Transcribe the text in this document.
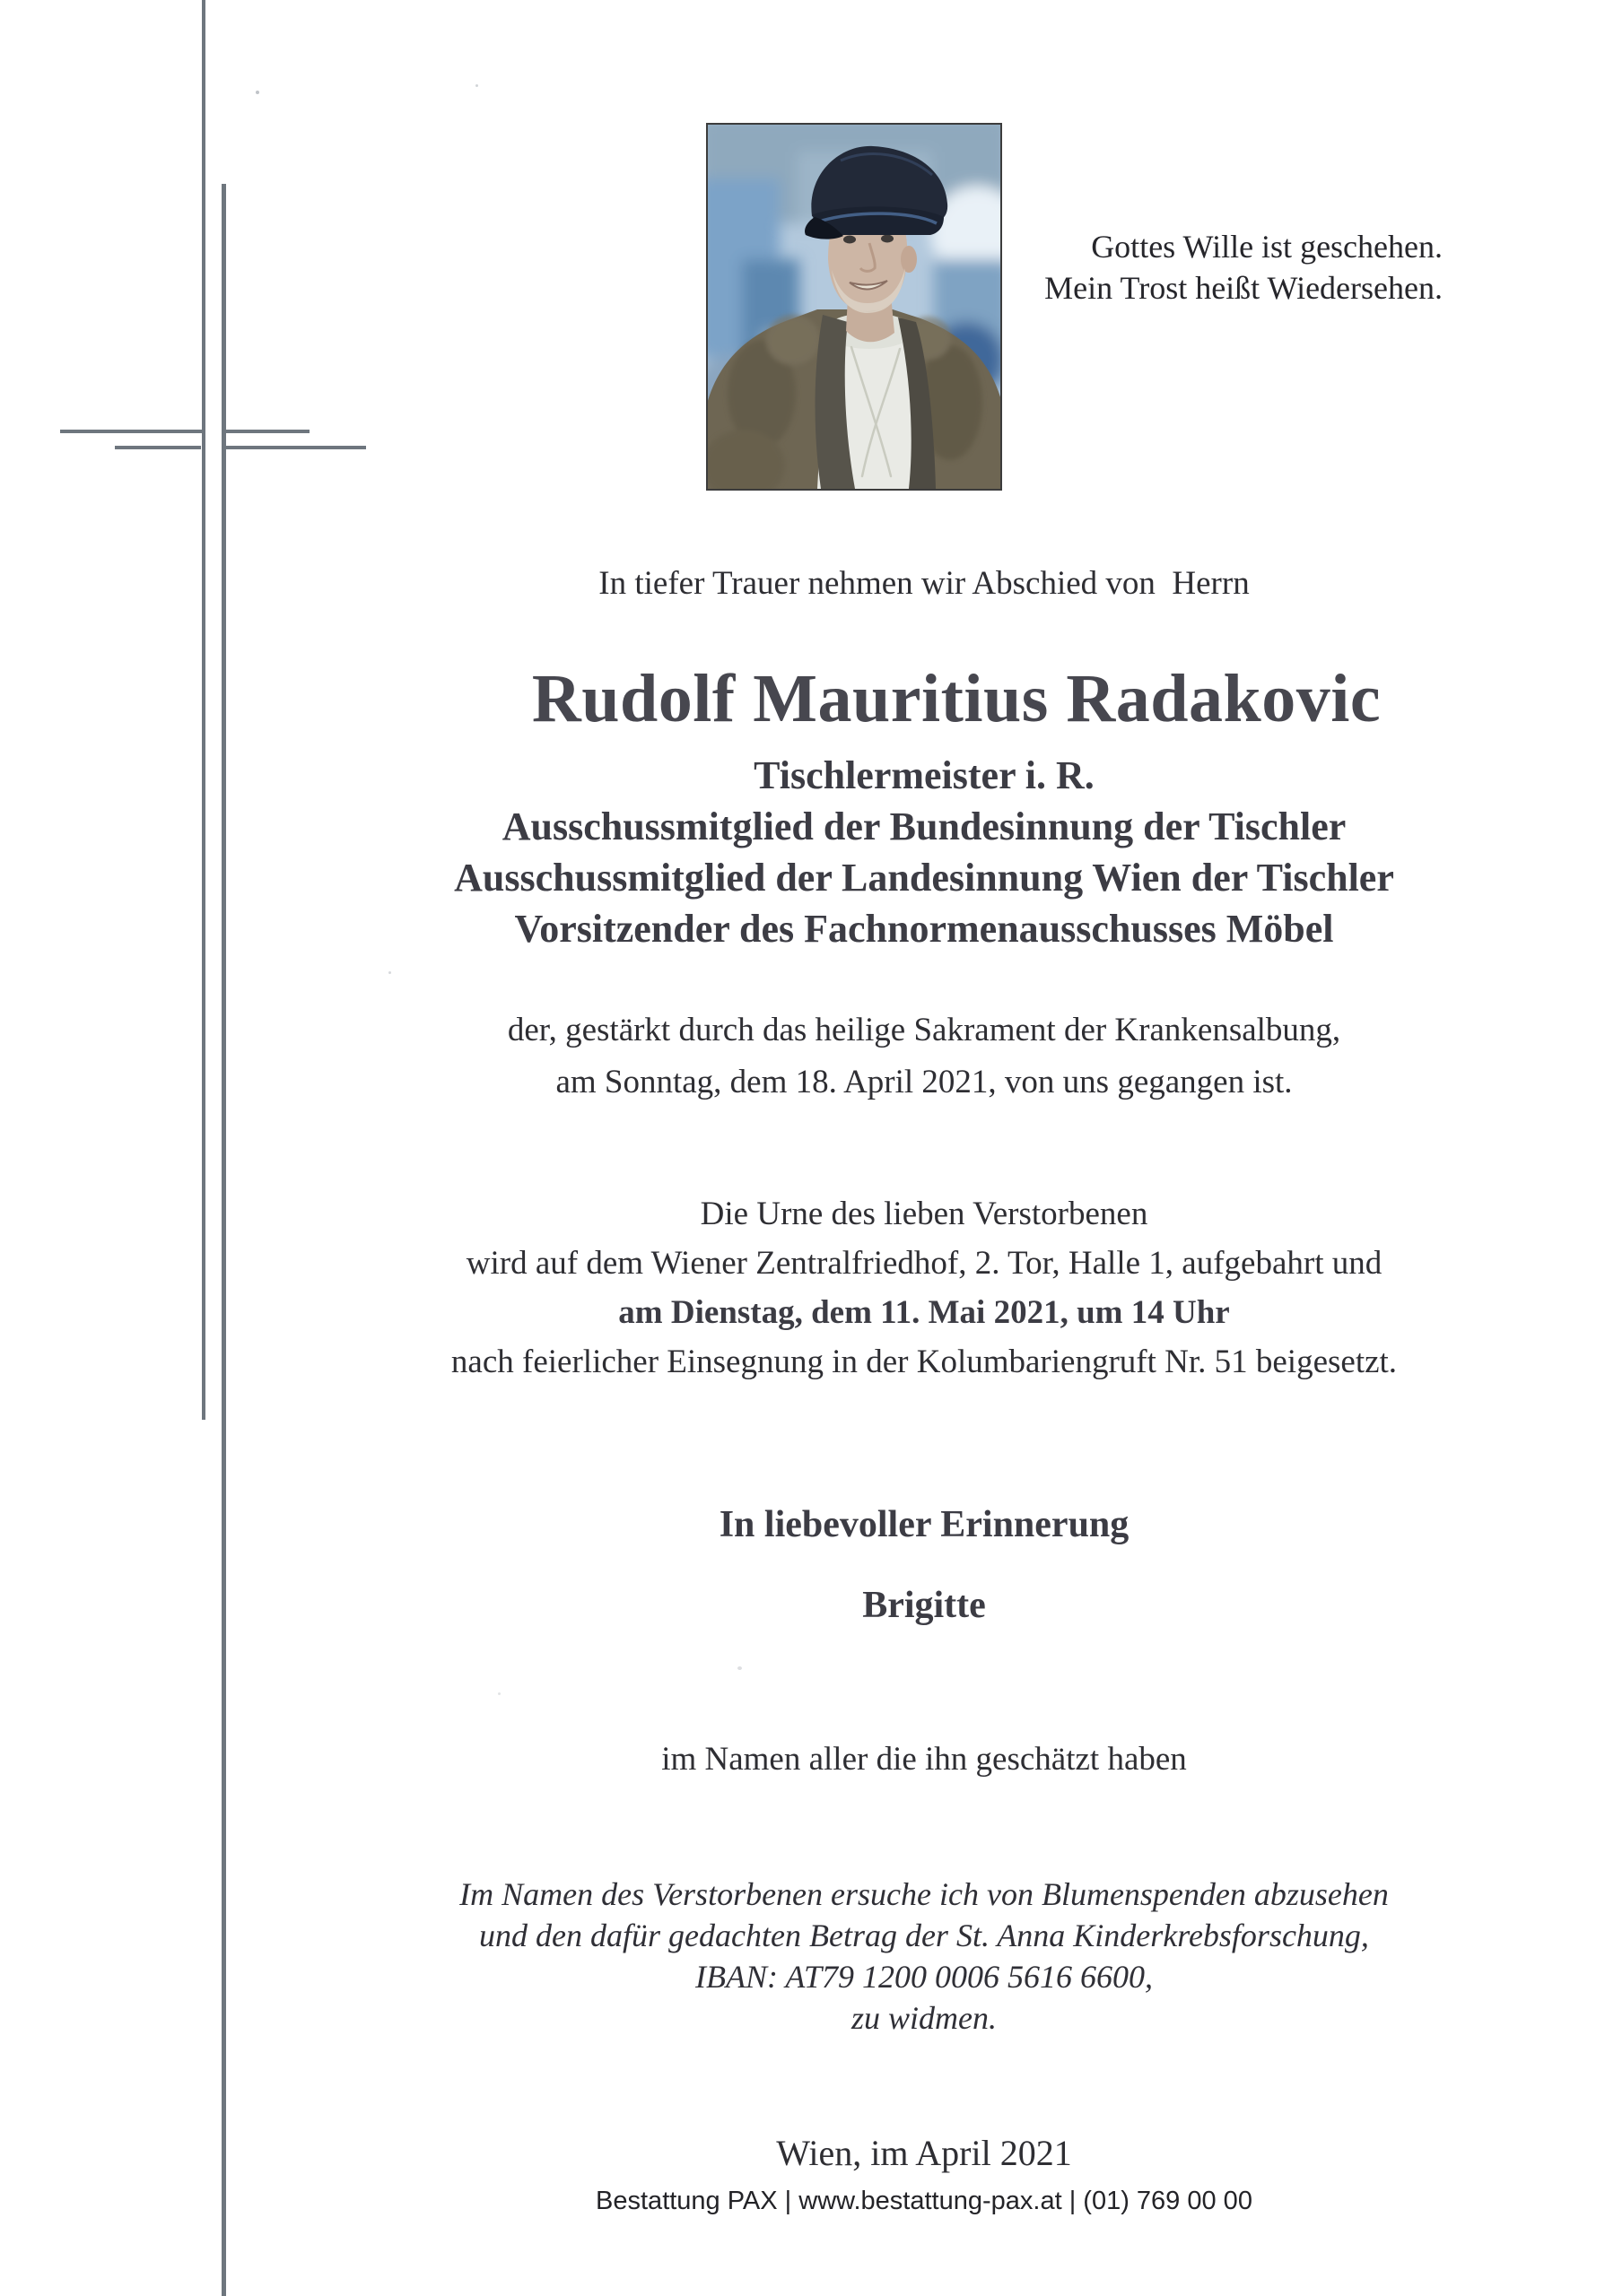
Gottes Wille ist geschehen.
Mein Trost heißt Wiedersehen.
In tiefer Trauer nehmen wir Abschied von  Herrn
Rudolf Mauritius Radakovic
Tischlermeister i. R.
Ausschussmitglied der Bundesinnung der Tischler
Ausschussmitglied der Landesinnung Wien der Tischler
Vorsitzender des Fachnormenausschusses Möbel
der, gestärkt durch das heilige Sakrament der Krankensalbung,
am Sonntag, dem 18. April 2021, von uns gegangen ist.
Die Urne des lieben Verstorbenen
wird auf dem Wiener Zentralfriedhof, 2. Tor, Halle 1, aufgebahrt und
am Dienstag, dem 11. Mai 2021, um 14 Uhr
nach feierlicher Einsegnung in der Kolumbariengruft Nr. 51 beigesetzt.
In liebevoller Erinnerung
Brigitte
im Namen aller die ihn geschätzt haben
Im Namen des Verstorbenen ersuche ich von Blumenspenden abzusehen
und den dafür gedachten Betrag der St. Anna Kinderkrebsforschung,
IBAN: AT79 1200 0006 5616 6600,
zu widmen.
Wien, im April 2021
Bestattung PAX | www.bestattung-pax.at | (01) 769 00 00
